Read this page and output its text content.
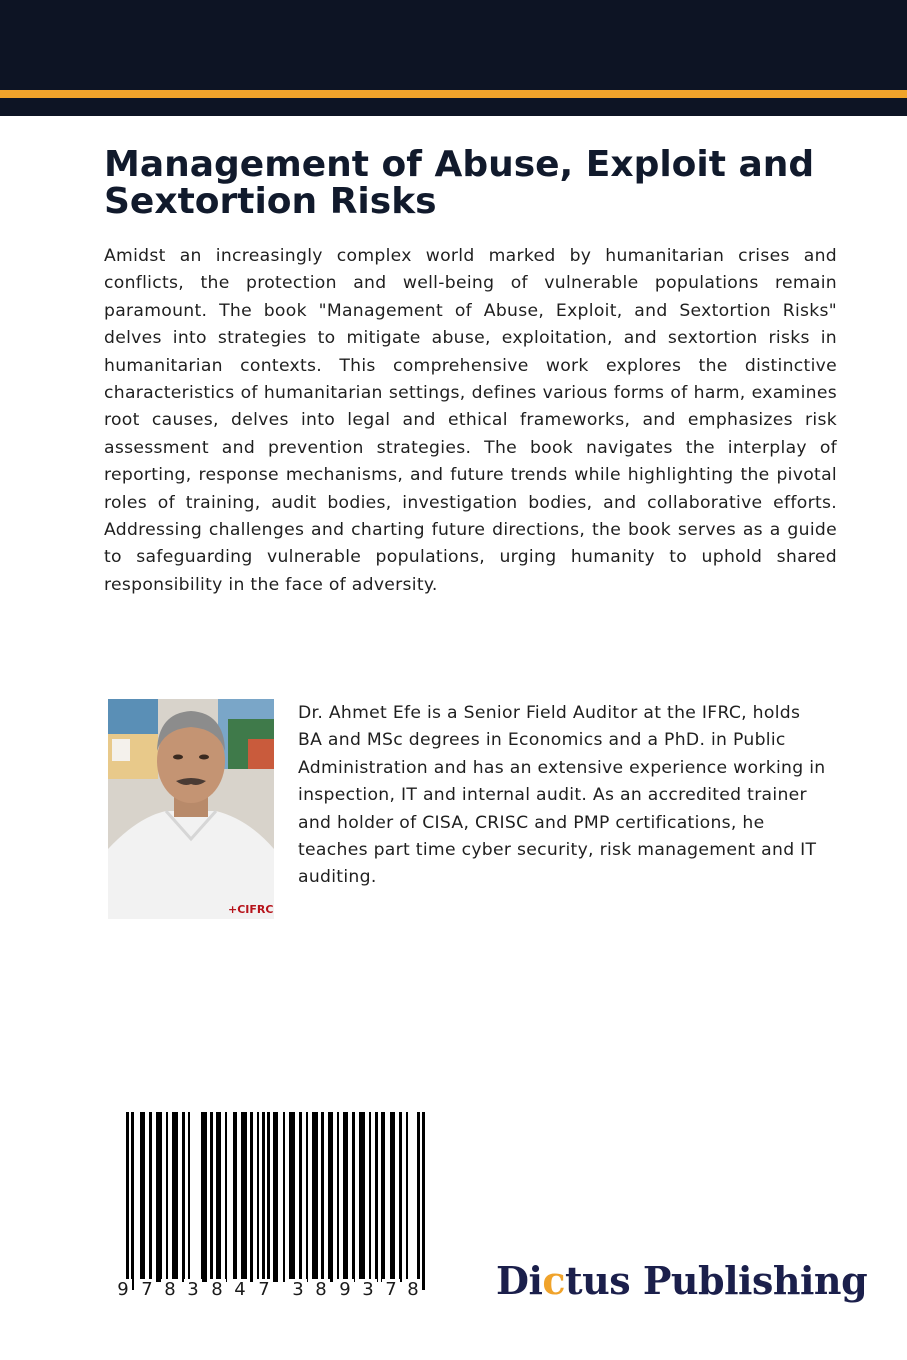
Management of Abuse, Exploit and Sextortion Risks

Amidst an increasingly complex world marked by humanitarian crises and conflicts, the protection and well-being of vulnerable populations remain paramount. The book "Management of Abuse, Exploit, and Sextortion Risks" delves into strategies to mitigate abuse, exploitation, and sextortion risks in humanitarian contexts. This comprehensive work explores the distinctive characteristics of humanitarian settings, defines various forms of harm, examines root causes, delves into legal and ethical frameworks, and emphasizes risk assessment and prevention strategies. The book navigates the interplay of reporting, response mechanisms, and future trends while highlighting the pivotal roles of training, audit bodies, investigation bodies, and collaborative efforts. Addressing challenges and charting future directions, the book serves as a guide to safeguarding vulnerable populations, urging humanity to uphold shared responsibility in the face of adversity.

+CIFRC

Dr. Ahmet Efe is a Senior Field Auditor at the IFRC, holds BA and MSc degrees in Economics and a PhD. in Public Administration and has an extensive experience working in inspection, IT and internal audit. As an accredited trainer and holder of CISA, CRISC and PMP certifications, he teaches part time cyber security, risk management and IT auditing.

9 7 8 3 8 4 7 3 8 9 3 7 8 Dictus Publishing
